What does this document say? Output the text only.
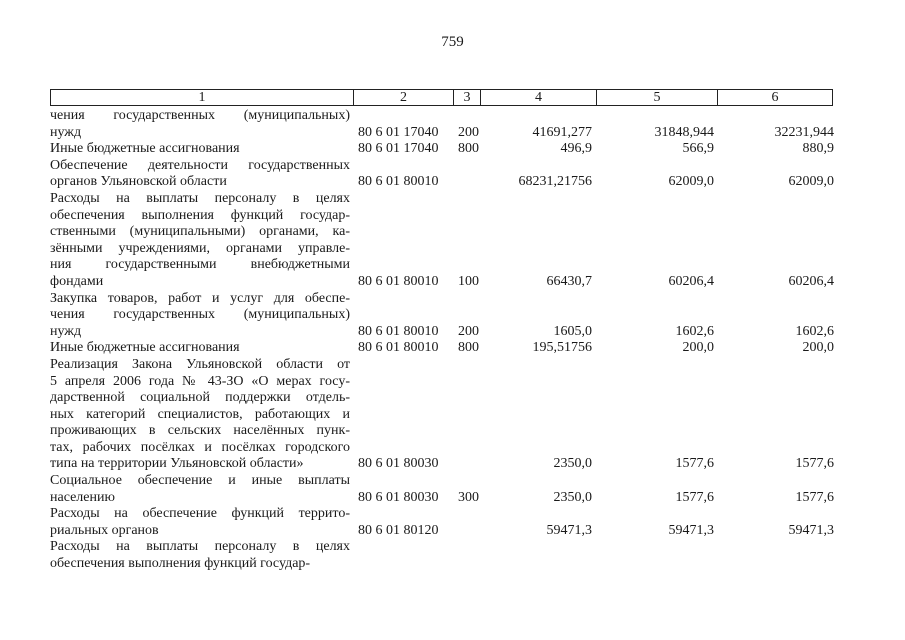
759
1	2	3	4	5	6
чения государственных (муниципальных)
нужд	80 6 01 17040 200	41691,277	31848,944	32231,944
Иные бюджетные ассигнования	80 6 01 17040 800	496,9	566,9	880,9
Обеспечение деятельности государственных
органов Ульяновской области	80 6 01 80010	68231,21756	62009,0	62009,0
Расходы на выплаты персоналу в целях
обеспечения выполнения функций государ-
ственными (муниципальными) органами, ка-
зёнными учреждениями, органами управле-
ния государственными внебюджетными
фондами	80 6 01 80010 100	66430,7	60206,4	60206,4
Закупка товаров, работ и услуг для обеспе-
чения государственных (муниципальных)
нужд	80 6 01 80010 200	1605,0	1602,6	1602,6
Иные бюджетные ассигнования	80 6 01 80010 800	195,51756	200,0	200,0
Реализация Закона Ульяновской области от
5 апреля 2006 года № 43-ЗО «О мерах госу-
дарственной социальной поддержки отдель-
ных категорий специалистов, работающих и
проживающих в сельских населённых пунк-
тах, рабочих посёлках и посёлках городского
типа на территории Ульяновской области»	80 6 01 80030	2350,0	1577,6	1577,6
Социальное обеспечение и иные выплаты
населению	80 6 01 80030 300	2350,0	1577,6	1577,6
Расходы на обеспечение функций террито-
риальных органов	80 6 01 80120	59471,3	59471,3	59471,3
Расходы на выплаты персоналу в целях
обеспечения выполнения функций государ-
